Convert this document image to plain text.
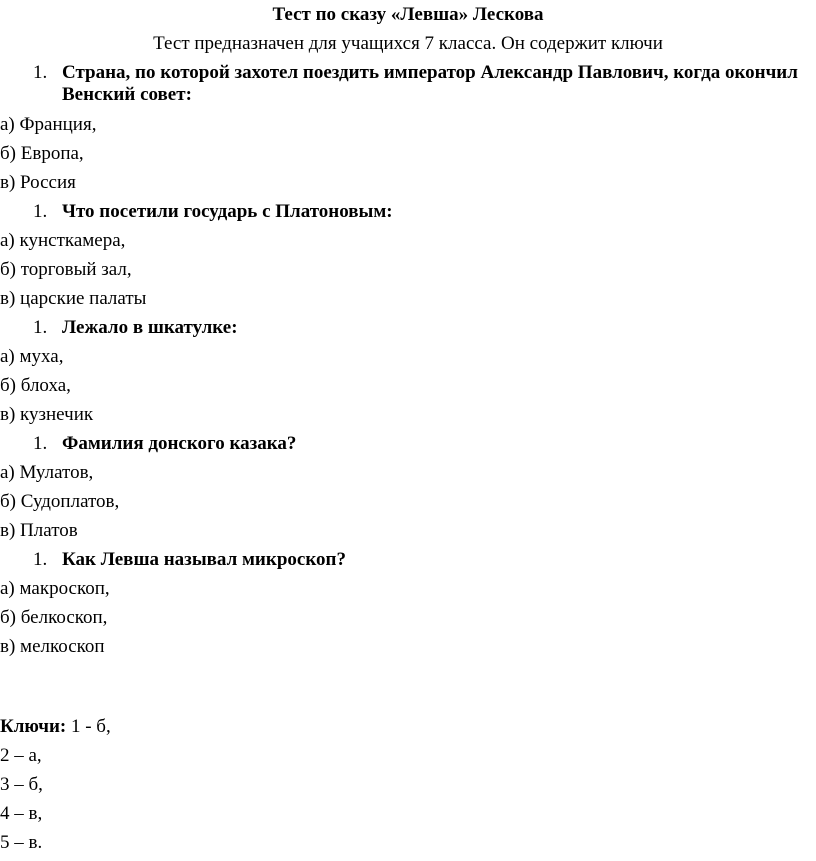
Тест по сказу «Левша» Лескова
Тест предназначен для учащихся 7 класса. Он содержит ключи
1. Страна, по которой захотел поездить император Александр Павлович, когда окончил Венский совет:
а) Франция,
б) Европа,
в) Россия
1. Что посетили государь с Платоновым:
а) кунсткамера,
б) торговый зал,
в) царские палаты
1. Лежало в шкатулке:
а) муха,
б) блоха,
в) кузнечик
1. Фамилия донского казака?
а) Мулатов,
б) Судоплатов,
в) Платов
1. Как Левша называл микроскоп?
а) макроскоп,
б) белкоскоп,
в) мелкоскоп
Ключи: 1 - б,
2 – а,
3 – б,
4 – в,
5 – в.
